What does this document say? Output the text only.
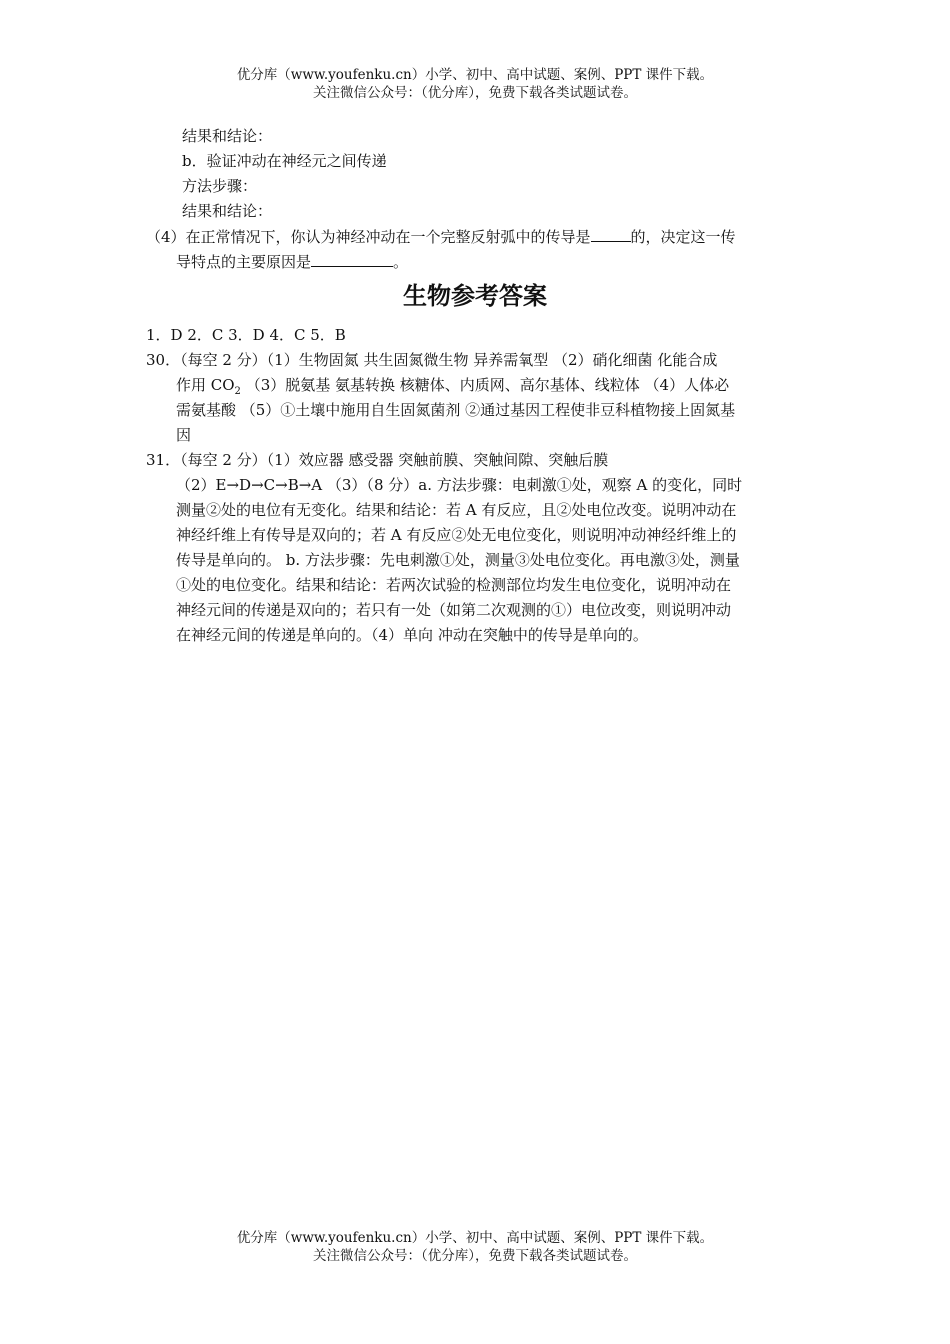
优分库（www.youfenku.cn）小学、初中、高中试题、案例、PPT 课件下载。
关注微信公众号：（优分库），免费下载各类试题试卷。
结果和结论：
b．验证冲动在神经元之间传递
方法步骤：
结果和结论：
（4）在正常情况下，你认为神经冲动在一个完整反射弧中的传导是	的，决定这一传
导特点的主要原因是	。
生物参考答案
1．D 2．C 3．D 4．C 5．B
30．（每空 2 分）（1）生物固氮 共生固氮微生物 异养需氧型 （2）硝化细菌 化能合成
作用 $CO_2$ （3）脱氨基 氨基转换 核糖体、内质网、高尔基体、线粒体 （4）人体必
需氨基酸 （5）①土壤中施用自生固氮菌剂 ②通过基因工程使非豆科植物接上固氮基
因
31．（每空 2 分）（1）效应器 感受器 突触前膜、突触间隙、突触后膜
（2）E→D→C→B→A （3）（8 分）a. 方法步骤：电刺激①处，观察 A 的变化，同时
测量②处的电位有无变化。结果和结论：若 A 有反应，且②处电位改变。说明冲动在
神经纤维上有传导是双向的；若 A 有反应②处无电位变化，则说明冲动神经纤维上的
传导是单向的。 b. 方法步骤：先电刺激①处，测量③处电位变化。再电激③处，测量
①处的电位变化。结果和结论：若两次试验的检测部位均发生电位变化，说明冲动在
神经元间的传递是双向的；若只有一处（如第二次观测的①）电位改变，则说明冲动
在神经元间的传递是单向的。（4）单向 冲动在突触中的传导是单向的。
优分库（www.youfenku.cn）小学、初中、高中试题、案例、PPT 课件下载。
关注微信公众号：（优分库），免费下载各类试题试卷。
